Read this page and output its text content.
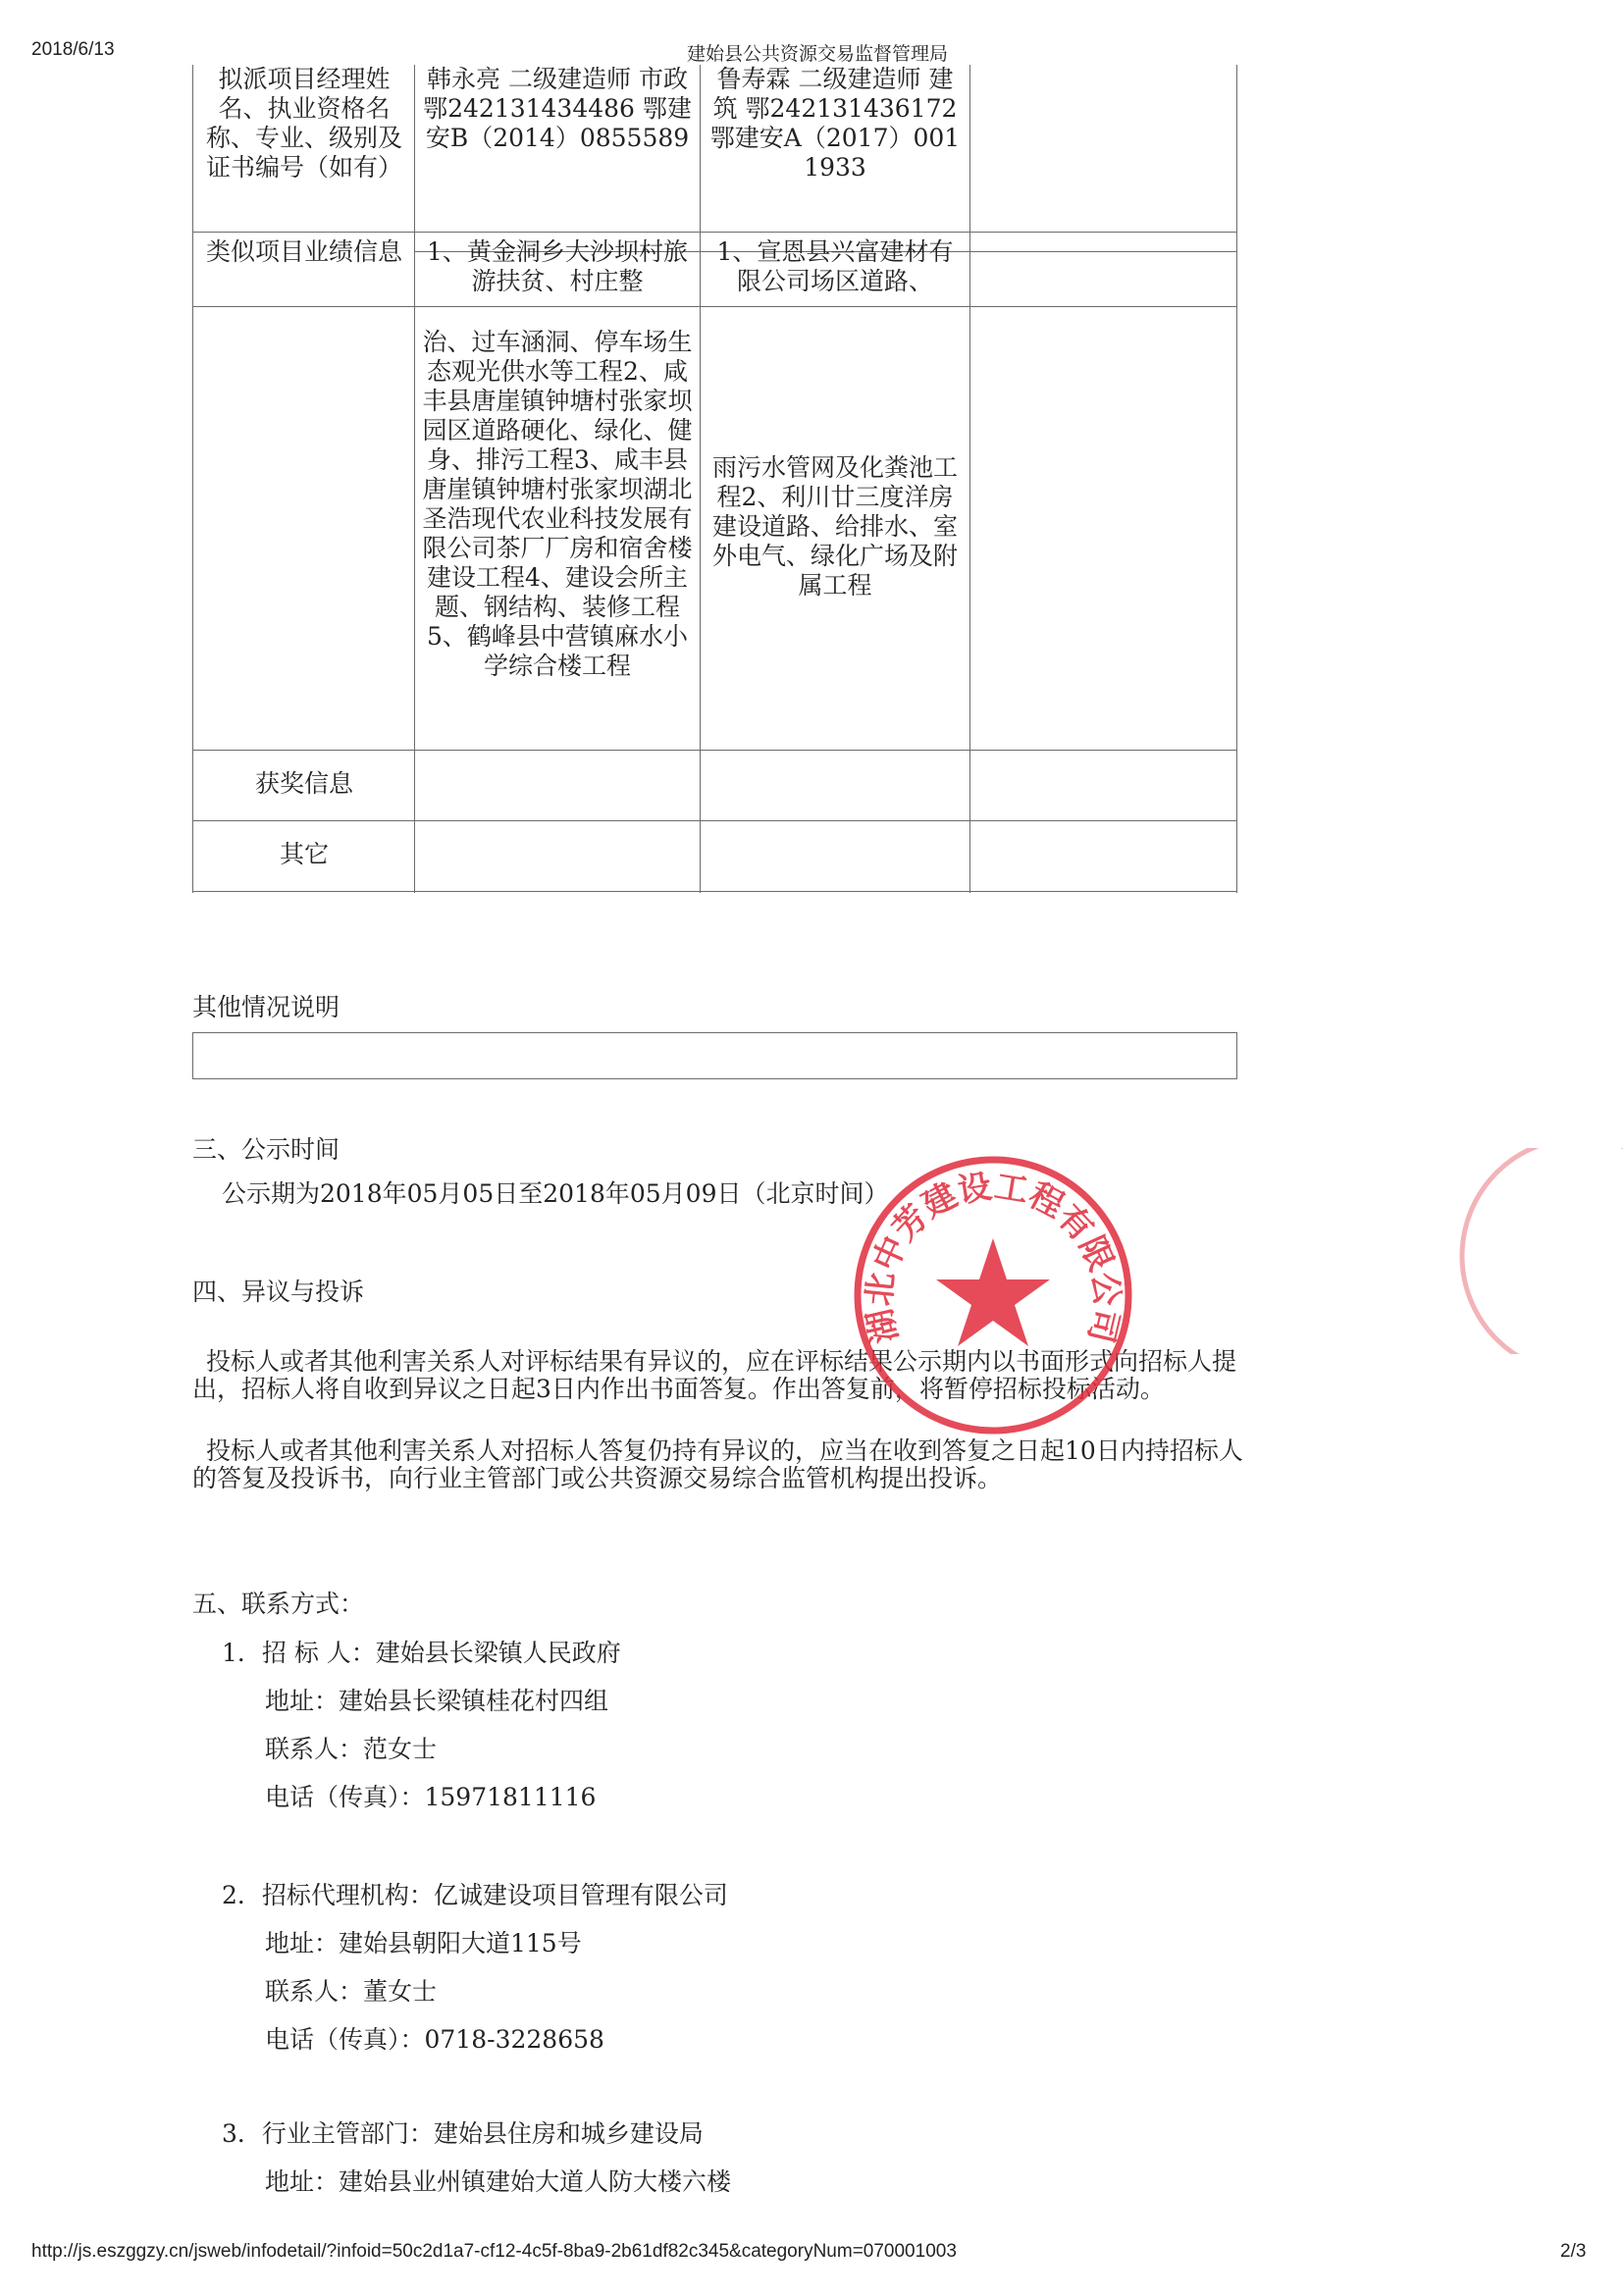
2018/6/13	建始县公共资源交易监督管理局
拟派项目经理姓名、执业资格名称、专业、级别及证书编号（如有）
韩永亮 二级建造师 市政 鄂242131434486 鄂建安B（2014）0855589
鲁寿霖 二级建造师 建筑 鄂242131436172 鄂建安A（2017）0011933
类似项目业绩信息 1、黄金洞乡大沙坝村旅游扶贫、村庄整
1、宣恩县兴富建材有限公司场区道路、
治、过车涵洞、停车场生态观光供水等工程2、咸丰县唐崖镇钟塘村张家坝园区道路硬化、绿化、健身、排污工程3、咸丰县唐崖镇钟塘村张家坝湖北圣浩现代农业科技发展有限公司茶厂厂房和宿舍楼建设工程4、建设会所主题、钢结构、装修工程5、鹤峰县中营镇麻水小学综合楼工程
雨污水管网及化粪池工程2、利川廿三度洋房建设道路、给排水、室外电气、绿化广场及附属工程
获奖信息
其它
其他情况说明
三、公示时间
公示期为2018年05月05日至2018年05月09日（北京时间）
四、异议与投诉
投标人或者其他利害关系人对评标结果有异议的，应在评标结果公示期内以书面形式向招标人提出，招标人将自收到异议之日起3日内作出书面答复。作出答复前，将暂停招标投标活动。
投标人或者其他利害关系人对招标人答复仍持有异议的，应当在收到答复之日起10日内持招标人的答复及投诉书，向行业主管部门或公共资源交易综合监管机构提出投诉。
五、联系方式：
1．招 标 人：建始县长梁镇人民政府
地址：建始县长梁镇桂花村四组
联系人：范女士
电话（传真）：15971811116
2．招标代理机构：亿诚建设项目管理有限公司
地址：建始县朝阳大道115号
联系人：董女士
电话（传真）：0718-3228658
3．行业主管部门：建始县住房和城乡建设局
地址：建始县业州镇建始大道人防大楼六楼
湖北中芳建设工程有限公司
http://js.eszggzy.cn/jsweb/infodetail/?infoid=50c2d1a7-cf12-4c5f-8ba9-2b61df82c345&categoryNum=070001003	2/3
